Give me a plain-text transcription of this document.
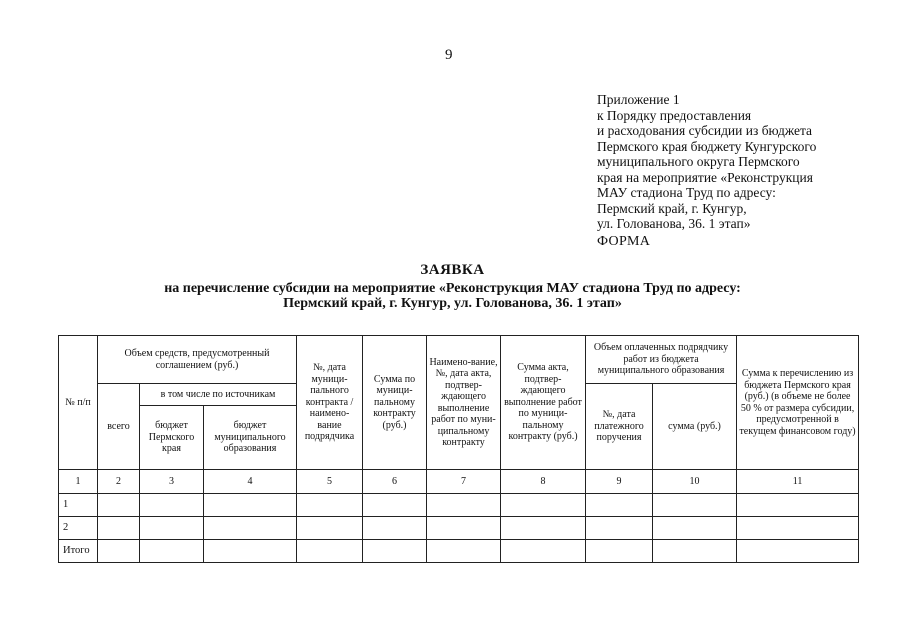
9
Приложение 1
к Порядку предоставления
и расходования субсидии из бюджета
Пермского края бюджету Кунгурского
муниципального округа Пермского
края на мероприятие «Реконструкция
МАУ стадиона Труд по адресу:
Пермский край, г. Кунгур,
ул. Голованова, 36. 1 этап»
ФОРМА
ЗАЯВКА
на перечисление субсидии на мероприятие «Реконструкция МАУ стадиона Труд по адресу:
Пермский край, г. Кунгур, ул. Голованова, 36. 1 этап»
№ п/п	Объем средств, предусмотренный соглашением (руб.)			№, дата муници-пального контракта / наимено-вание подрядчика	Сумма по муници-пальному контракту (руб.)	Наимено-вание, №, дата акта, подтвер-ждающего выполнение работ по муни-ципальному контракту	Сумма акта, подтвер-ждающего выполнение работ по муници-пальному контракту (руб.)	Объем оплаченных подрядчику работ из бюджета муниципального образования		Сумма к перечислению из бюджета Пермского края (руб.) (в объеме не более 50 % от размера субсидии, предусмотренной в текущем финансовом году)
	всего	в том числе по источникам						№, дата платежного поручения	сумма (руб.)	
		бюджет Пермского края	бюджет муниципального образования							
1	2	3	4	5	6	7	8	9	10	11
1										
2										
Итого										
